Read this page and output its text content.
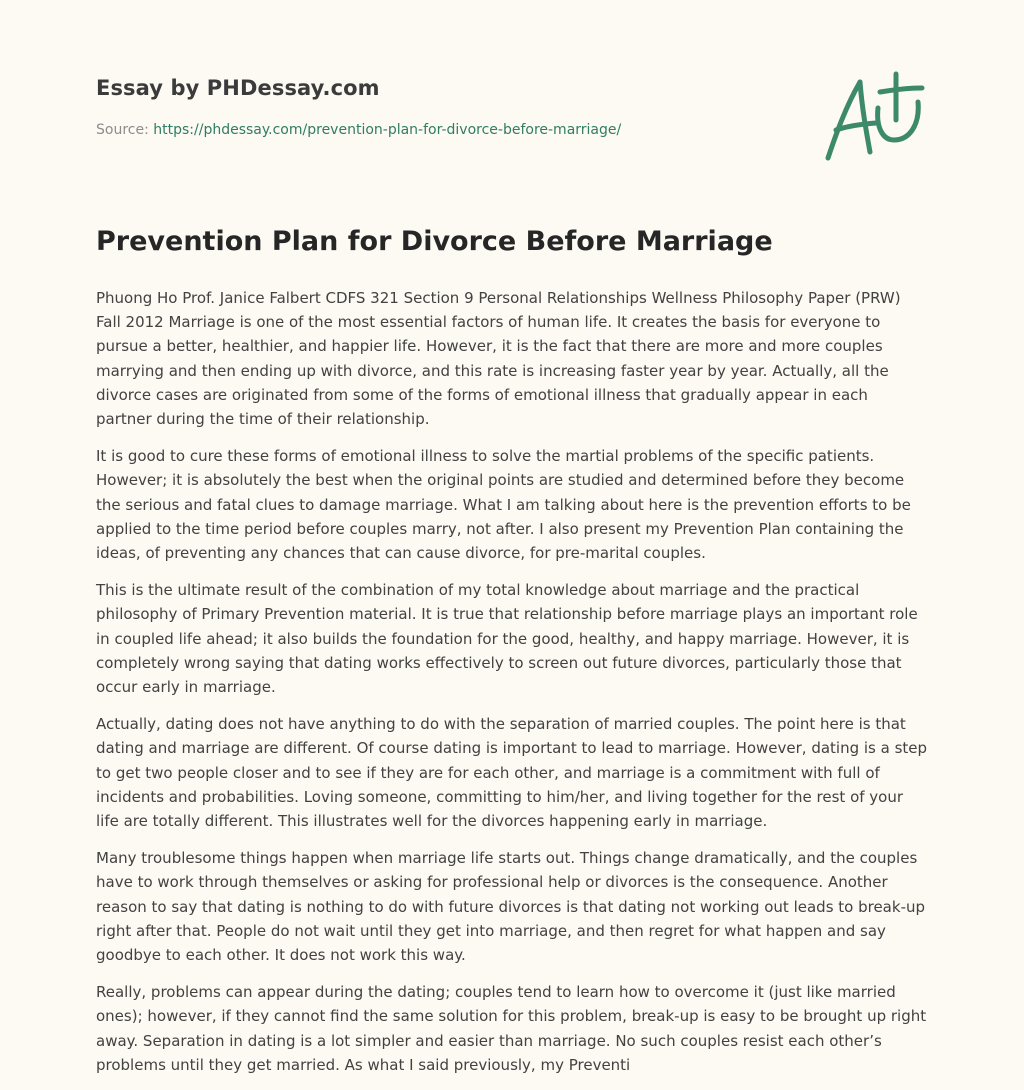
Essay by PHDessay.com
Source: https://phdessay.com/prevention-plan-for-divorce-before-marriage/
Prevention Plan for Divorce Before Marriage

Phuong Ho Prof. Janice Falbert CDFS 321 Section 9 Personal Relationships Wellness Philosophy Paper (PRW) Fall 2012 Marriage is one of the most essential factors of human life. It creates the basis for everyone to pursue a better, healthier, and happier life. However, it is the fact that there are more and more couples marrying and then ending up with divorce, and this rate is increasing faster year by year. Actually, all the divorce cases are originated from some of the forms of emotional illness that gradually appear in each partner during the time of their relationship.

It is good to cure these forms of emotional illness to solve the martial problems of the specific patients. However; it is absolutely the best when the original points are studied and determined before they become the serious and fatal clues to damage marriage. What I am talking about here is the prevention efforts to be applied to the time period before couples marry, not after. I also present my Prevention Plan containing the ideas, of preventing any chances that can cause divorce, for pre-marital couples.

This is the ultimate result of the combination of my total knowledge about marriage and the practical philosophy of Primary Prevention material. It is true that relationship before marriage plays an important role in coupled life ahead; it also builds the foundation for the good, healthy, and happy marriage. However, it is completely wrong saying that dating works effectively to screen out future divorces, particularly those that occur early in marriage.

Actually, dating does not have anything to do with the separation of married couples. The point here is that dating and marriage are different. Of course dating is important to lead to marriage. However, dating is a step to get two people closer and to see if they are for each other, and marriage is a commitment with full of incidents and probabilities. Loving someone, committing to him/her, and living together for the rest of your life are totally different. This illustrates well for the divorces happening early in marriage.

Many troublesome things happen when marriage life starts out. Things change dramatically, and the couples have to work through themselves or asking for professional help or divorces is the consequence. Another reason to say that dating is nothing to do with future divorces is that dating not working out leads to break-up right after that. People do not wait until they get into marriage, and then regret for what happen and say goodbye to each other. It does not work this way.

Really, problems can appear during the dating; couples tend to learn how to overcome it (just like married ones); however, if they cannot find the same solution for this problem, break-up is easy to be brought up right away. Separation in dating is a lot simpler and easier than marriage. No such couples resist each other’s problems until they get married. As what I said previously, my Preventi
